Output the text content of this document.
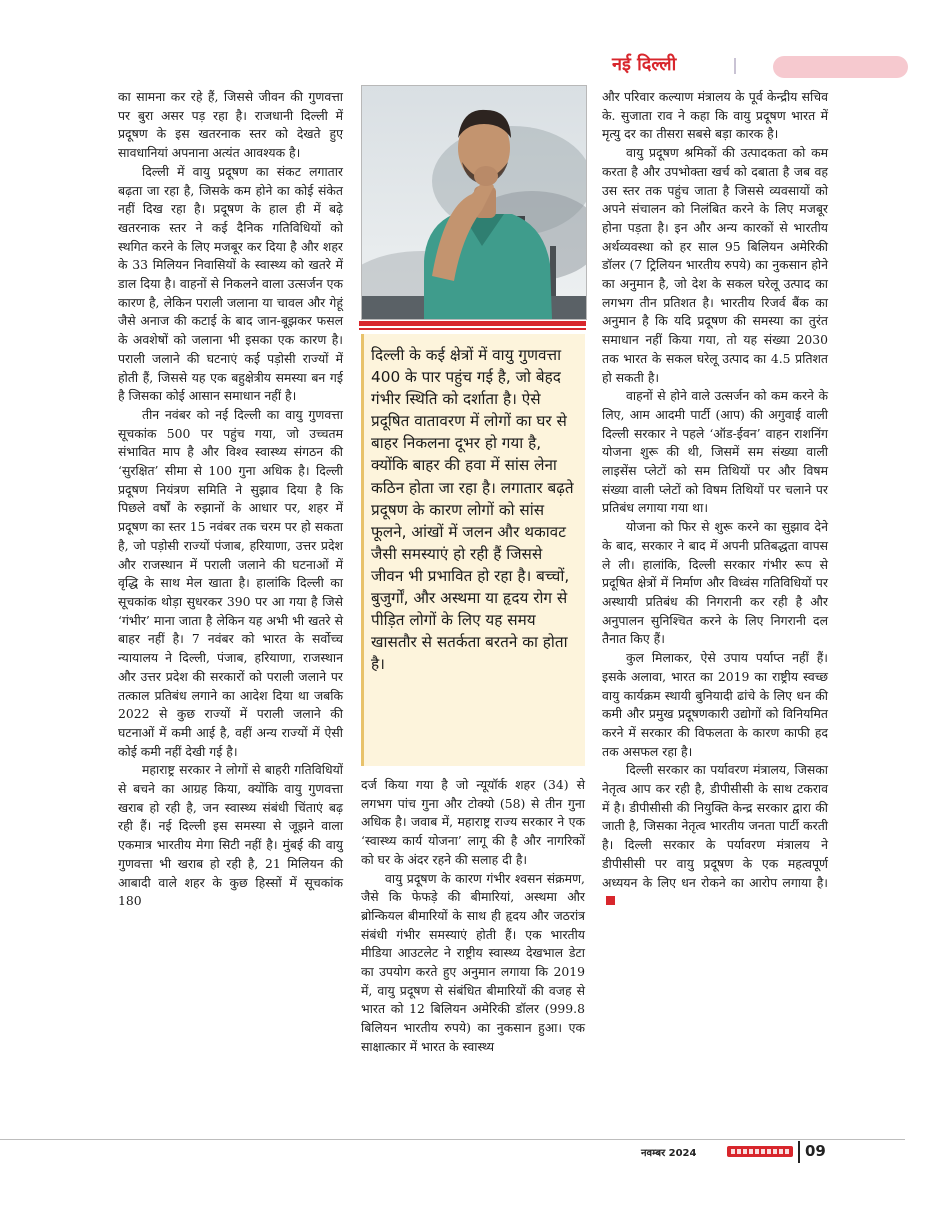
नई दिल्ली

का सामना कर रहे हैं, जिससे जीवन की गुणवत्ता पर बुरा असर पड़ रहा है। राजधानी दिल्ली में प्रदूषण के इस खतरनाक स्तर को देखते हुए सावधानियां अपनाना अत्यंत आवश्यक है।

दिल्ली में वायु प्रदूषण का संकट लगातार बढ़ता जा रहा है, जिसके कम होने का कोई संकेत नहीं दिख रहा है। प्रदूषण के हाल ही में बढ़े खतरनाक स्तर ने कई दैनिक गतिविधियों को स्थगित करने के लिए मजबूर कर दिया है और शहर के 33 मिलियन निवासियों के स्वास्थ्य को खतरे में डाल दिया है। वाहनों से निकलने वाला उत्सर्जन एक कारण है, लेकिन पराली जलाना या चावल और गेहूं जैसे अनाज की कटाई के बाद जान-बूझकर फसल के अवशेषों को जलाना भी इसका एक कारण है। पराली जलाने की घटनाएं कई पड़ोसी राज्यों में होती हैं, जिससे यह एक बहुक्षेत्रीय समस्या बन गई है जिसका कोई आसान समाधान नहीं है।

तीन नवंबर को नई दिल्ली का वायु गुणवत्ता सूचकांक 500 पर पहुंच गया, जो उच्चतम संभावित माप है और विश्व स्वास्थ्य संगठन की ‘सुरक्षित’ सीमा से 100 गुना अधिक है। दिल्ली प्रदूषण नियंत्रण समिति ने सुझाव दिया है कि पिछले वर्षों के रुझानों के आधार पर, शहर में प्रदूषण का स्तर 15 नवंबर तक चरम पर हो सकता है, जो पड़ोसी राज्यों पंजाब, हरियाणा, उत्तर प्रदेश और राजस्थान में पराली जलाने की घटनाओं में वृद्धि के साथ मेल खाता है। हालांकि दिल्ली का सूचकांक थोड़ा सुधरकर 390 पर आ गया है जिसे ‘गंभीर’ माना जाता है लेकिन यह अभी भी खतरे से बाहर नहीं है। 7 नवंबर को भारत के सर्वोच्च न्यायालय ने दिल्ली, पंजाब, हरियाणा, राजस्थान और उत्तर प्रदेश की सरकारों को पराली जलाने पर तत्काल प्रतिबंध लगाने का आदेश दिया था जबकि 2022 से कुछ राज्यों में पराली जलाने की घटनाओं में कमी आई है, वहीं अन्य राज्यों में ऐसी कोई कमी नहीं देखी गई है।

महाराष्ट्र सरकार ने लोगों से बाहरी गतिविधियों से बचने का आग्रह किया, क्योंकि वायु गुणवत्ता खराब हो रही है, जन स्वास्थ्य संबंधी चिंताएं बढ़ रही हैं। नई दिल्ली इस समस्या से जूझने वाला एकमात्र भारतीय मेगा सिटी नहीं है। मुंबई की वायु गुणवत्ता भी खराब हो रही है, 21 मिलियन की आबादी वाले शहर के कुछ हिस्सों में सूचकांक 180

दिल्ली के कई क्षेत्रों में वायु गुणवत्ता 400 के पार पहुंच गई है, जो बेहद गंभीर स्थिति को दर्शाता है। ऐसे प्रदूषित वातावरण में लोगों का घर से बाहर निकलना दूभर हो गया है, क्योंकि बाहर की हवा में सांस लेना कठिन होता जा रहा है। लगातार बढ़ते प्रदूषण के कारण लोगों को सांस फूलने, आंखों में जलन और थकावट जैसी समस्याएं हो रही हैं जिससे जीवन भी प्रभावित हो रहा है। बच्चों, बुजुर्गों, और अस्थमा या हृदय रोग से पीड़ित लोगों के लिए यह समय खासतौर से सतर्कता बरतने का होता है।

दर्ज किया गया है जो न्यूयॉर्क शहर (34) से लगभग पांच गुना और टोक्यो (58) से तीन गुना अधिक है। जवाब में, महाराष्ट्र राज्य सरकार ने एक ‘स्वास्थ्य कार्य योजना’ लागू की है और नागरिकों को घर के अंदर रहने की सलाह दी है।

वायु प्रदूषण के कारण गंभीर श्वसन संक्रमण, जैसे कि फेफड़े की बीमारियां, अस्थमा और ब्रोन्कियल बीमारियों के साथ ही हृदय और जठरांत्र संबंधी गंभीर समस्याएं होती हैं। एक भारतीय मीडिया आउटलेट ने राष्ट्रीय स्वास्थ्य देखभाल डेटा का उपयोग करते हुए अनुमान लगाया कि 2019 में, वायु प्रदूषण से संबंधित बीमारियों की वजह से भारत को 12 बिलियन अमेरिकी डॉलर (999.8 बिलियन भारतीय रुपये) का नुकसान हुआ। एक साक्षात्कार में भारत के स्वास्थ्य

और परिवार कल्याण मंत्रालय के पूर्व केन्द्रीय सचिव के. सुजाता राव ने कहा कि वायु प्रदूषण भारत में मृत्यु दर का तीसरा सबसे बड़ा कारक है।

वायु प्रदूषण श्रमिकों की उत्पादकता को कम करता है और उपभोक्ता खर्च को दबाता है जब वह उस स्तर तक पहुंच जाता है जिससे व्यवसायों को अपने संचालन को निलंबित करने के लिए मजबूर होना पड़ता है। इन और अन्य कारकों से भारतीय अर्थव्यवस्था को हर साल 95 बिलियन अमेरिकी डॉलर (7 ट्रिलियन भारतीय रुपये) का नुकसान होने का अनुमान है, जो देश के सकल घरेलू उत्पाद का लगभग तीन प्रतिशत है। भारतीय रिजर्व बैंक का अनुमान है कि यदि प्रदूषण की समस्या का तुरंत समाधान नहीं किया गया, तो यह संख्या 2030 तक भारत के सकल घरेलू उत्पाद का 4.5 प्रतिशत हो सकती है।

वाहनों से होने वाले उत्सर्जन को कम करने के लिए, आम आदमी पार्टी (आप) की अगुवाई वाली दिल्ली सरकार ने पहले ‘ऑड-ईवन’ वाहन राशनिंग योजना शुरू की थी, जिसमें सम संख्या वाली लाइसेंस प्लेटों को सम तिथियों पर और विषम संख्या वाली प्लेटों को विषम तिथियों पर चलाने पर प्रतिबंध लगाया गया था।

योजना को फिर से शुरू करने का सुझाव देने के बाद, सरकार ने बाद में अपनी प्रतिबद्धता वापस ले ली। हालांकि, दिल्ली सरकार गंभीर रूप से प्रदूषित क्षेत्रों में निर्माण और विध्वंस गतिविधियों पर अस्थायी प्रतिबंध की निगरानी कर रही है और अनुपालन सुनिश्चित करने के लिए निगरानी दल तैनात किए हैं।

कुल मिलाकर, ऐसे उपाय पर्याप्त नहीं हैं। इसके अलावा, भारत का 2019 का राष्ट्रीय स्वच्छ वायु कार्यक्रम स्थायी बुनियादी ढांचे के लिए धन की कमी और प्रमुख प्रदूषणकारी उद्योगों को विनियमित करने में सरकार की विफलता के कारण काफी हद तक असफल रहा है।

दिल्ली सरकार का पर्यावरण मंत्रालय, जिसका नेतृत्व आप कर रही है, डीपीसीसी के साथ टकराव में है। डीपीसीसी की नियुक्ति केन्द्र सरकार द्वारा की जाती है, जिसका नेतृत्व भारतीय जनता पार्टी करती है। दिल्ली सरकार के पर्यावरण मंत्रालय ने डीपीसीसी पर वायु प्रदूषण के एक महत्वपूर्ण अध्ययन के लिए धन रोकने का आरोप लगाया है।

नवम्बर 2024	09
